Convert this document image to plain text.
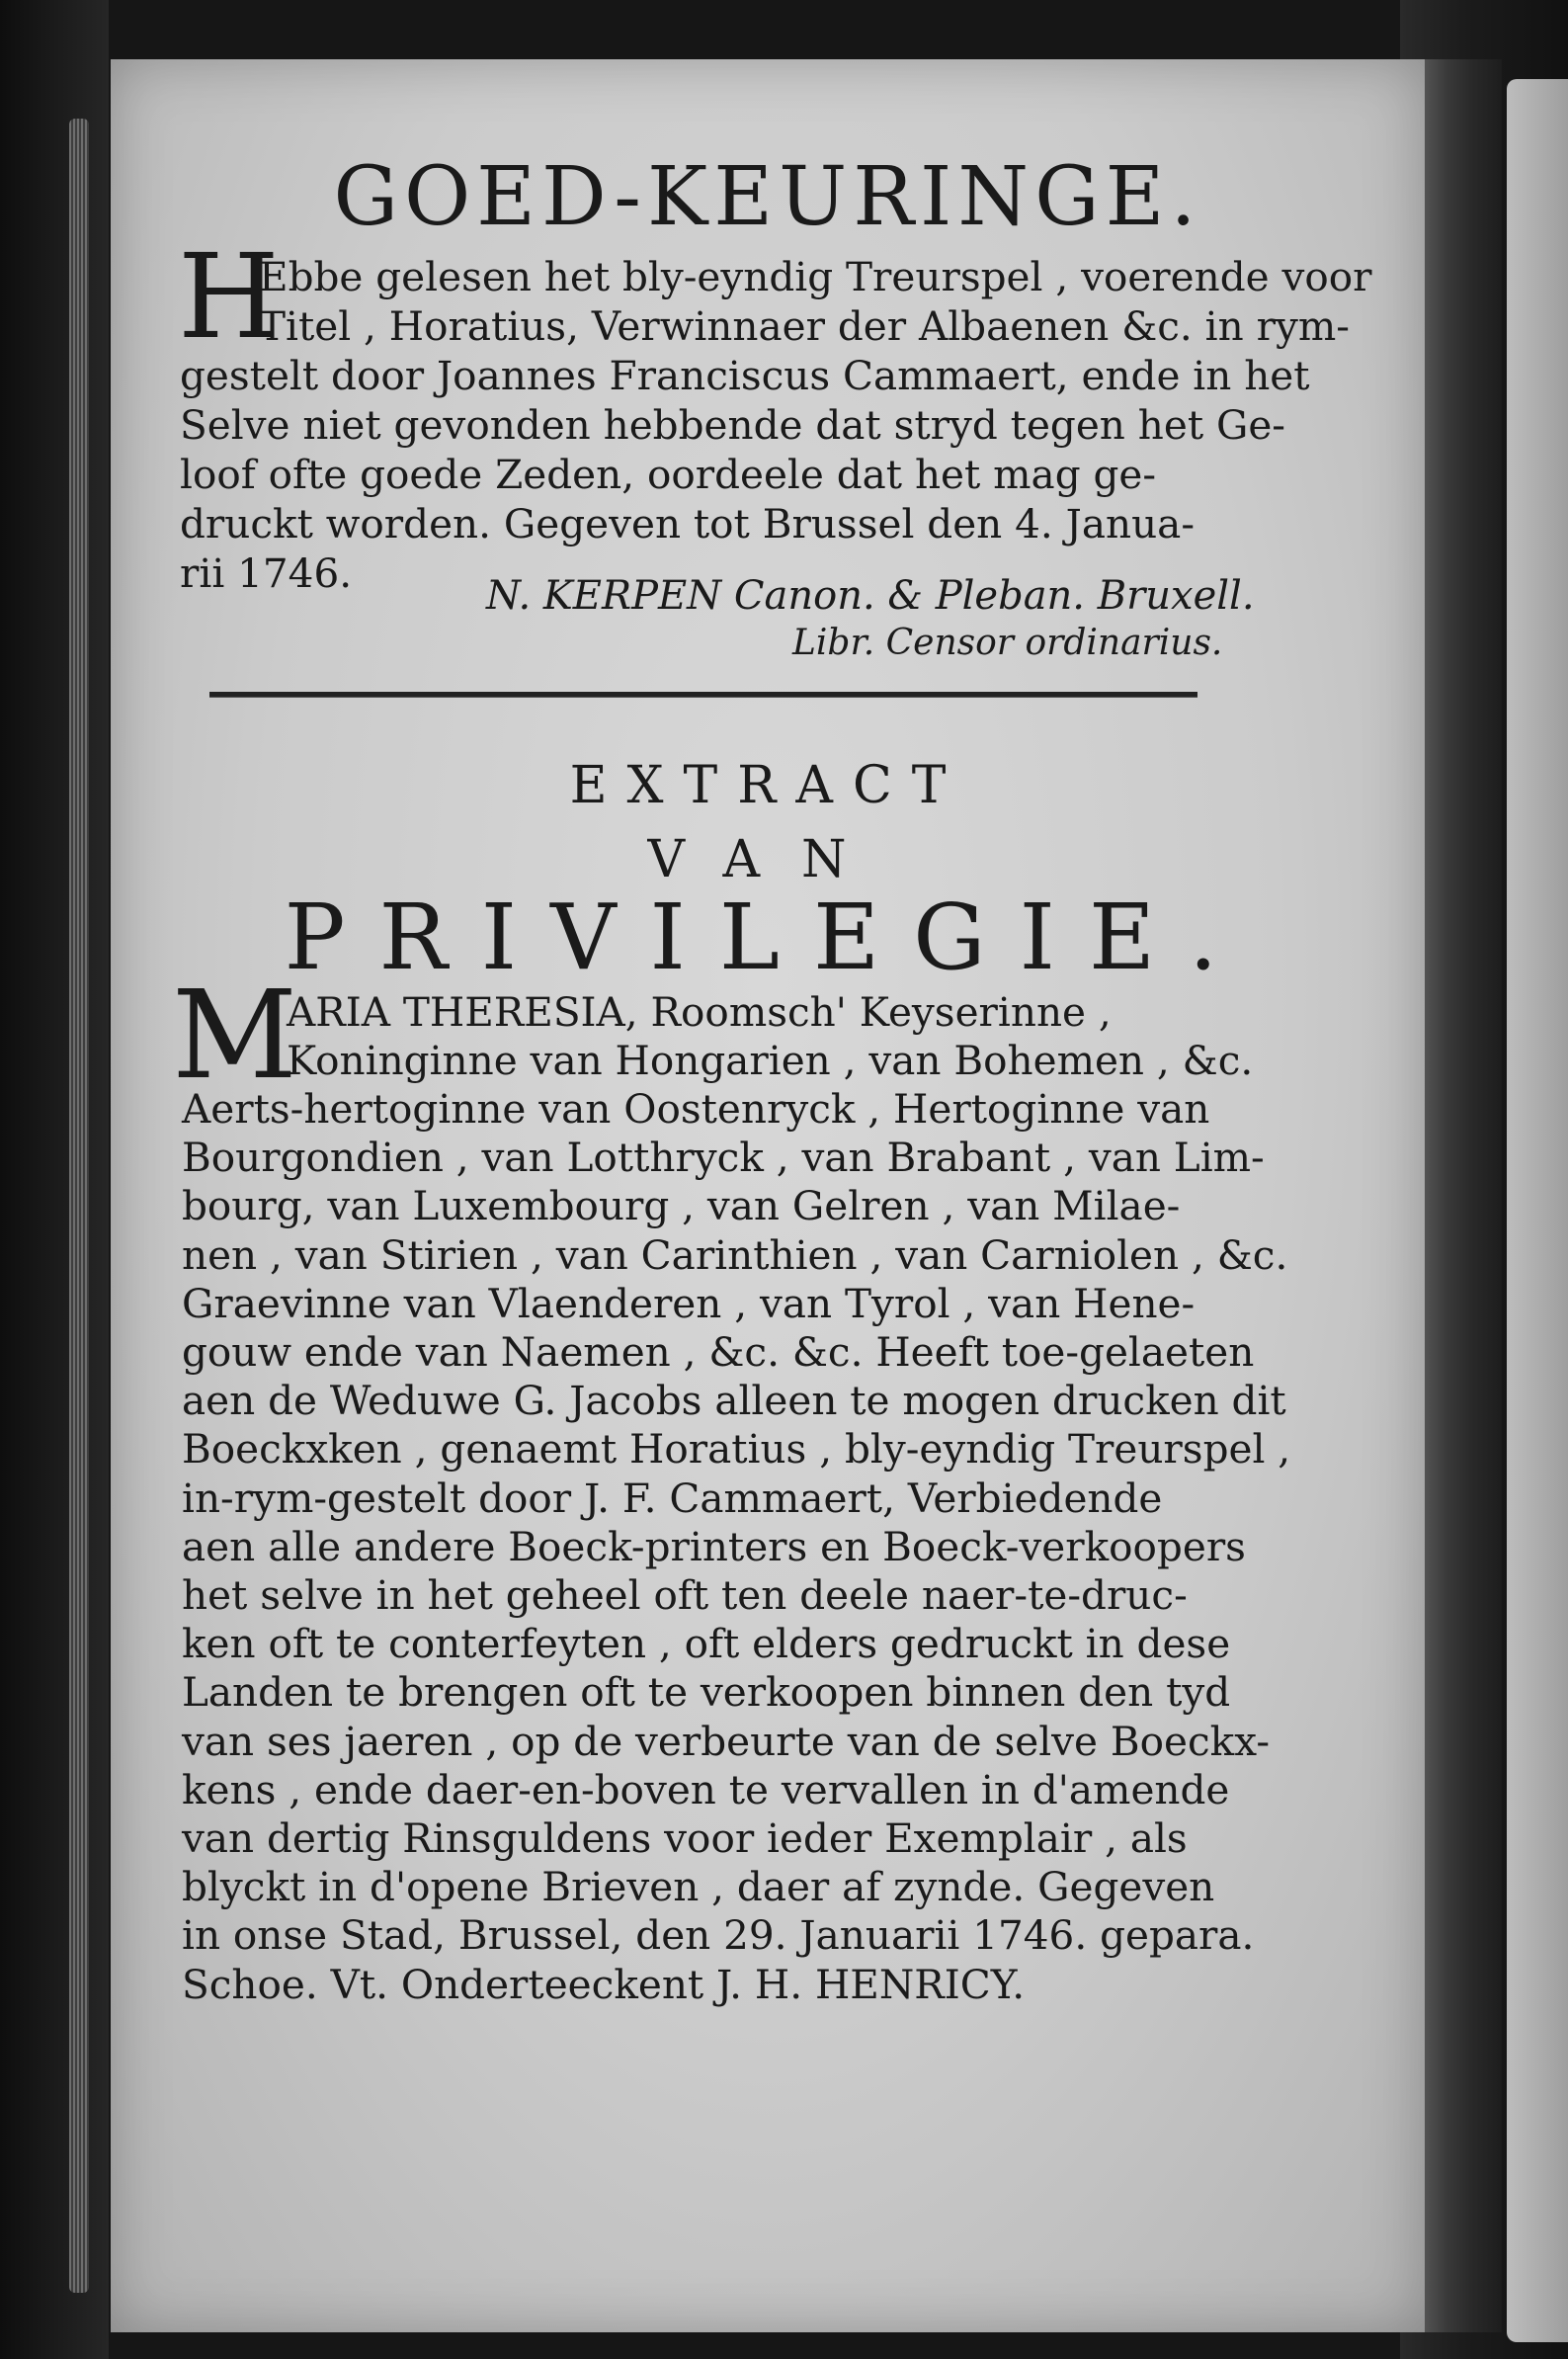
GOED-KEURINGE.
H
Ebbe gelesen het bly-eyndig Treurspel , voerende voor
Titel , Horatius, Verwinnaer der Albaenen &c. in rym-
gestelt door Joannes Franciscus Cammaert, ende in het
Selve niet gevonden hebbende dat stryd tegen het Ge-
loof ofte goede Zeden, oordeele dat het mag ge-
druckt worden. Gegeven tot Brussel den 4. Janua-
rii 1746.	N. KERPEN Canon. & Pleban. Bruxell.
Libr. Censor ordinarius.
EXTRACT
VAN
PRIVILEGIE.
M
ARIA THERESIA, Roomsch' Keyserinne ,
Koninginne van Hongarien , van Bohemen , &c.
Aerts-hertoginne van Oostenryck , Hertoginne van
Bourgondien , van Lotthryck , van Brabant , van Lim-
bourg, van Luxembourg , van Gelren , van Milae-
nen , van Stirien , van Carinthien , van Carniolen , &c.
Graevinne van Vlaenderen , van Tyrol , van Hene-
gouw ende van Naemen , &c. &c. Heeft toe-gelaeten
aen de Weduwe G. Jacobs alleen te mogen drucken dit
Boeckxken , genaemt Horatius , bly-eyndig Treurspel ,
in-rym-gestelt door J. F. Cammaert, Verbiedende
aen alle andere Boeck-printers en Boeck-verkoopers
het selve in het geheel oft ten deele naer-te-druc-
ken oft te conterfeyten , oft elders gedruckt in dese
Landen te brengen oft te verkoopen binnen den tyd
van ses jaeren , op de verbeurte van de selve Boeckx-
kens , ende daer-en-boven te vervallen in d'amende
van dertig Rinsguldens voor ieder Exemplair , als
blyckt in d'opene Brieven , daer af zynde. Gegeven
in onse Stad, Brussel, den 29. Januarii 1746. gepara.
Schoe. Vt. Onderteeckent J. H. HENRICY.
